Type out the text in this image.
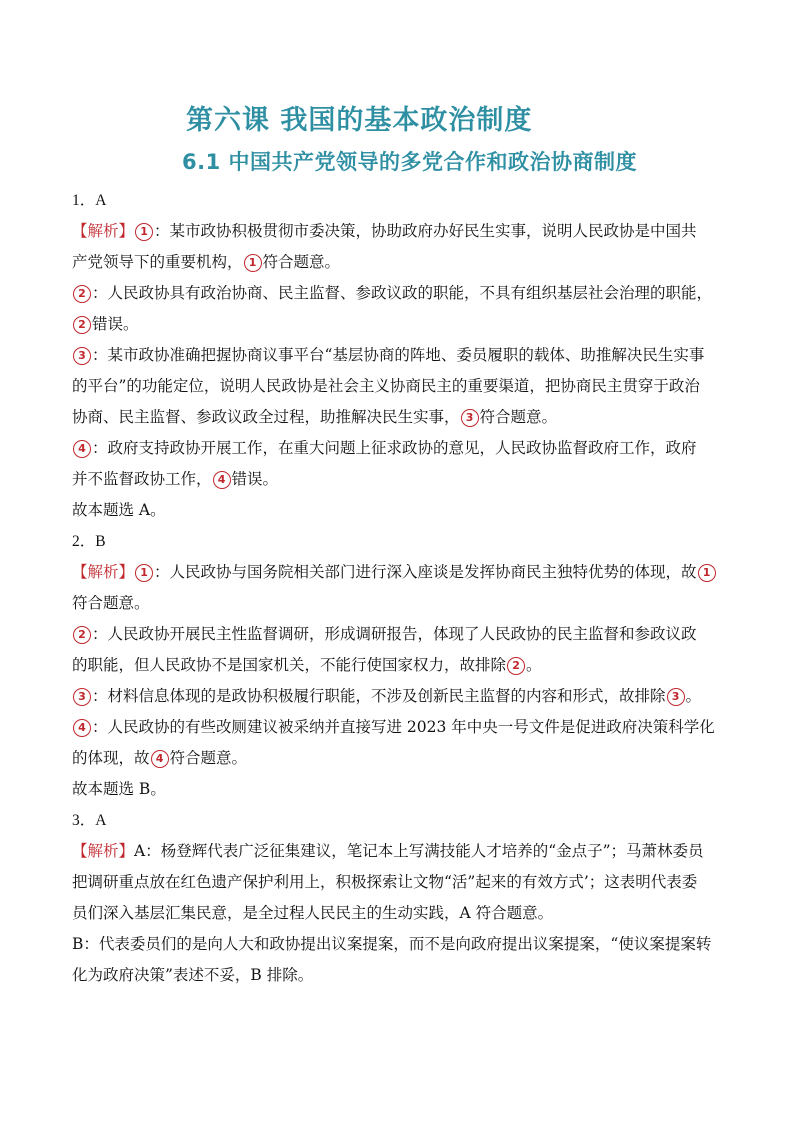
第六课 我国的基本政治制度
6.1 中国共产党领导的多党合作和政治协商制度
1．A
【解析】 1 ：某市政协积极贯彻市委决策，协助政府办好民生实事，说明人民政协是中国共
产党领导下的重要机构， 1 符合题意。
2 ：人民政协具有政治协商、民主监督、参政议政的职能，不具有组织基层社会治理的职能，
2 错误。
3 ：某市政协准确把握协商议事平台“基层协商的阵地、委员履职的载体、助推解决民生实事
的平台”的功能定位，说明人民政协是社会主义协商民主的重要渠道，把协商民主贯穿于政治
协商、民主监督、参政议政全过程，助推解决民生实事， 3 符合题意。
4 ：政府支持政协开展工作，在重大问题上征求政协的意见，人民政协监督政府工作，政府
并不监督政协工作， 4 错误。
故本题选 A。
2．B
【解析】 1 ：人民政协与国务院相关部门进行深入座谈是发挥协商民主独特优势的体现，故 1
符合题意。
2 ：人民政协开展民主性监督调研，形成调研报告，体现了人民政协的民主监督和参政议政
的职能，但人民政协不是国家机关，不能行使国家权力，故排除 2 。
3 ：材料信息体现的是政协积极履行职能，不涉及创新民主监督的内容和形式，故排除 3 。
4 ：人民政协的有些改厕建议被采纳并直接写进 2023 年中央一号文件是促进政府决策科学化
的体现，故 4 符合题意。
故本题选 B。
3．A
【解析】A：杨登辉代表广泛征集建议，笔记本上写满技能人才培养的“金点子”；马萧林委员
把调研重点放在红色遗产保护利用上，积极探索让文物“活”起来的有效方式’；这表明代表委
员们深入基层汇集民意，是全过程人民民主的生动实践，A 符合题意。
B：代表委员们的是向人大和政协提出议案提案，而不是向政府提出议案提案，“使议案提案转
化为政府决策”表述不妥，B 排除。
